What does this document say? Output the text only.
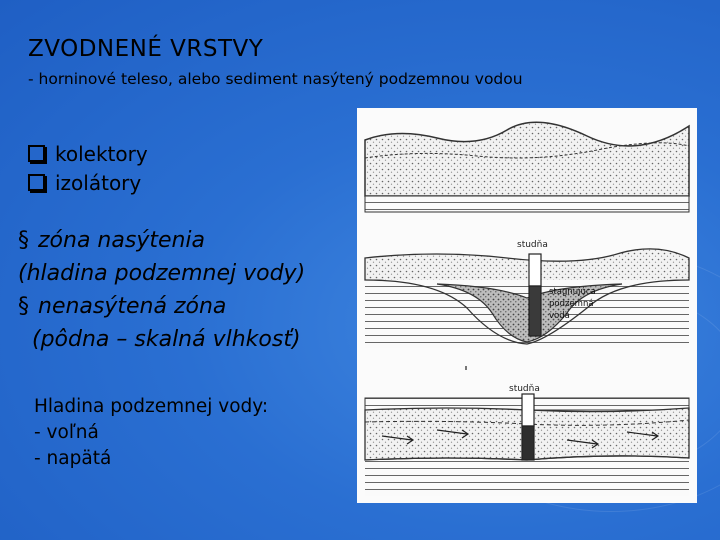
ZVODNENÉ VRSTVY
- horninové teleso, alebo sediment nasýtený podzemnou vodou
kolektory
izolátory
§ zóna nasýtenia
(hladina podzemnej vody)
§ nenasýtená zóna
(pôdna – skalná vlhkosť)
Hladina podzemnej vody:
- voľná
- napätá
studňa
stagnujúca
podzemná
voda
studňa
